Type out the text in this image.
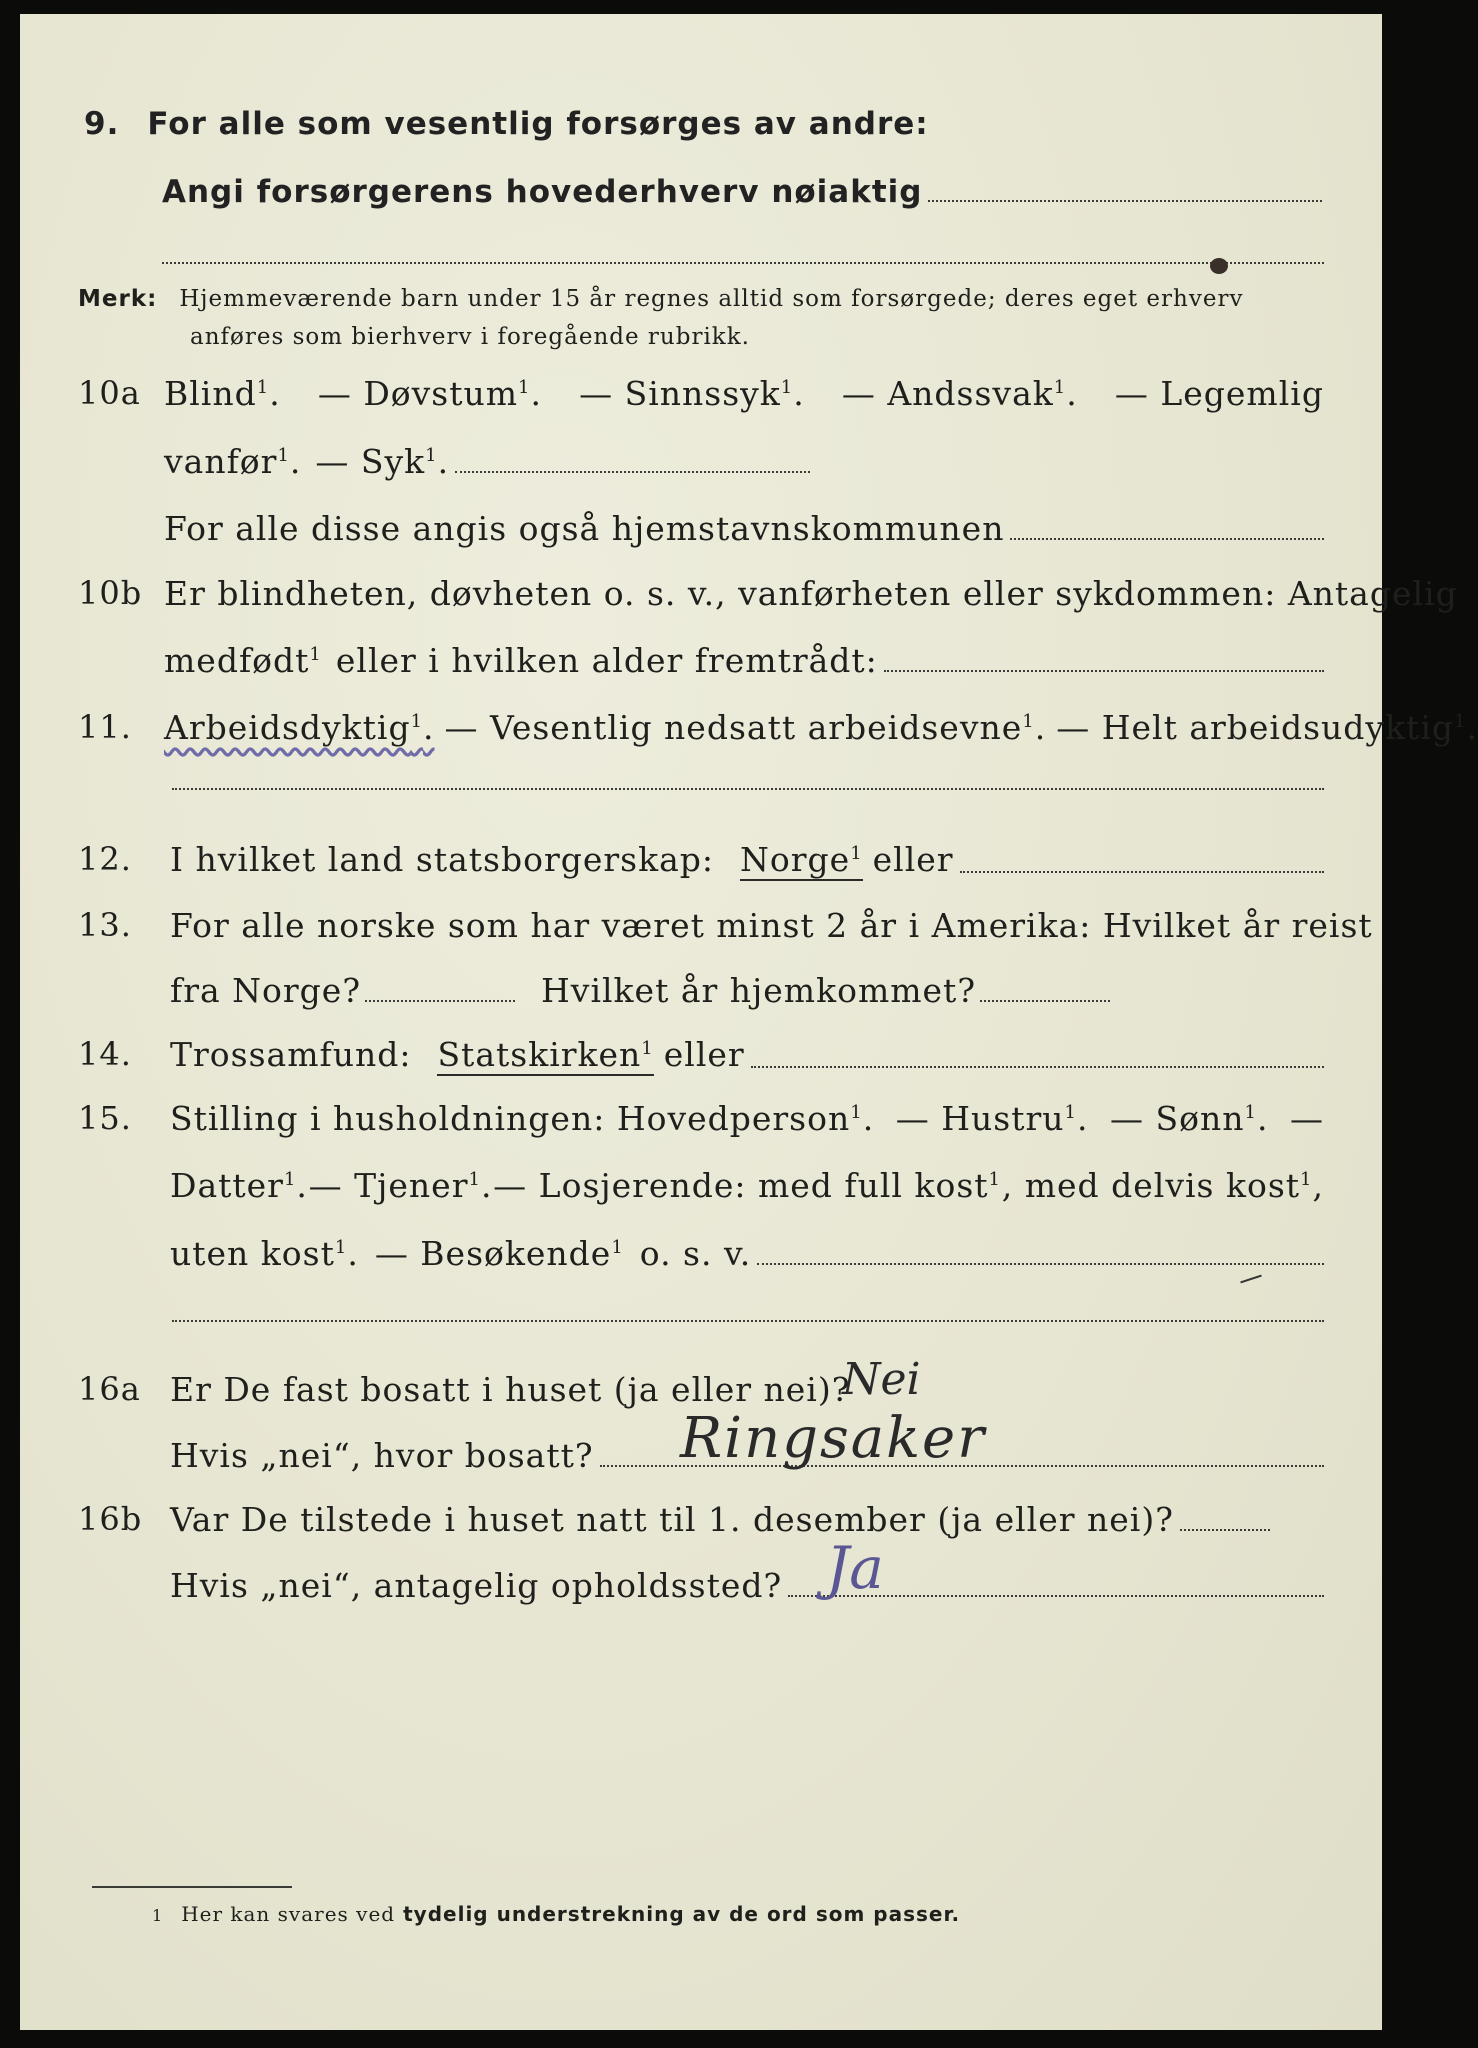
9. For alle som vesentlig forsørges av andre:
Angi forsørgerens hovederhverv nøiaktig
Merk: Hjemmeværende barn under 15 år regnes alltid som forsørgede; deres eget erhverv
anføres som bierhverv i foregående rubrikk.
10a Blind$^1$. — Døvstum$^1$. — Sinnssyk$^1$. — Andssvak$^1$. — Legemlig
vanfør$^1$. — Syk$^1$.
For alle disse angis også hjemstavnskommunen
10b Er blindheten, døvheten o. s. v., vanførheten eller sykdommen: Antagelig
medfødt$^1$ eller i hvilken alder fremtrådt:
11. Arbeidsdyktig$^1$. — Vesentlig nedsatt arbeidsevne$^1$. — Helt arbeidsudyktig$^1$.
12. I hvilket land statsborgerskap: Norge$^1$ eller
13. For alle norske som har været minst 2 år i Amerika: Hvilket år reist
fra Norge?	Hvilket år hjemkommet?
14. Trossamfund: Statskirken$^1$ eller
15. Stilling i husholdningen: Hovedperson$^1$. — Hustru$^1$. — Sønn$^1$. —
Datter$^1$. — Tjener$^1$. — Losjerende: med full kost$^1$ , med delvis kost$^1$,
uten kost$^1$. — Besøkende$^1$ o. s. v.
16a Er De fast bosatt i huset (ja eller nei)?
Nei
Hvis „nei“, hvor bosatt? Ringsaker
16b Var De tilstede i huset natt til 1. desember (ja eller nei)?
Hvis „nei“, antagelig opholdssted? Ja
1 Her kan svares ved tydelig understrekning av de ord som passer.
